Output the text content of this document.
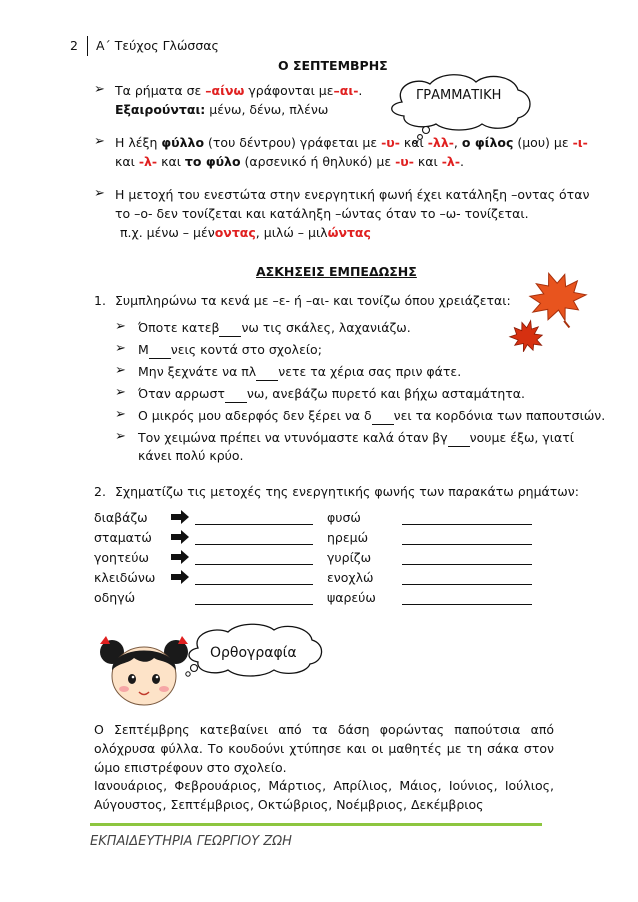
2 Α΄ Τεύχος Γλώσσας
Ο ΣΕΠΤΕΜΒΡΗΣ
ΓΡΑΜΜΑΤΙΚΗ
➢ Τα ρήματα σε –αίνω γράφονται με–αι-.
Εξαιρούνται: μένω, δένω, πλένω
➢ Η λέξη φύλλο (του δέντρου) γράφεται με -υ- και -λλ-, ο φίλος (μου) με -ι-
και -λ- και το φύλο (αρσενικό ή θηλυκό) με -υ- και -λ-.
➢ Η μετοχή του ενεστώτα στην ενεργητική φωνή έχει κατάληξη –οντας όταν
το –ο- δεν τονίζεται και κατάληξη –ώντας όταν το –ω- τονίζεται.
π.χ. μένω – μένοντας, μιλώ – μιλώντας
ΑΣΚΗΣΕΙΣ ΕΜΠΕΔΩΣΗΣ
1. Συμπληρώνω τα κενά με –ε- ή –αι- και τονίζω όπου χρειάζεται:
➢ Όποτε κατεβ νω τις σκάλες, λαχανιάζω.
➢ Μ νεις κοντά στο σχολείο;
➢ Μην ξεχνάτε να πλ νετε τα χέρια σας πριν φάτε.
➢ Όταν αρρωστ νω, ανεβάζω πυρετό και βήχω ασταμάτητα.
➢ Ο μικρός μου αδερφός δεν ξέρει να δ νει τα κορδόνια των παπουτσιών.
➢ Τον χειμώνα πρέπει να ντυνόμαστε καλά όταν βγ νουμε έξω, γιατί
κάνει πολύ κρύο.
2. Σχηματίζω τις μετοχές της ενεργητικής φωνής των παρακάτω ρημάτων:
διαβάζω
σταματώ
γοητεύω
κλειδώνω
οδηγώ
φυσώ
ηρεμώ
γυρίζω
ενοχλώ
ψαρεύω
Ορθογραφία
Ο Σεπτέμβρης κατεβαίνει από τα δάση φορώντας παπούτσια από ολόχρυσα φύλλα. Το κουδούνι χτύπησε και οι μαθητές με τη σάκα στον ώμο επιστρέφουν στο σχολείο.
Ιανουάριος, Φεβρουάριος, Μάρτιος, Απρίλιος, Μάιος, Ιούνιος, Ιούλιος, Αύγουστος, Σεπτέμβριος, Οκτώβριος, Νοέμβριος, Δεκέμβριος
ΕΚΠΑΙΔΕΥΤΗΡΙΑ ΓΕΩΡΓΙΟΥ ΖΩΗ
